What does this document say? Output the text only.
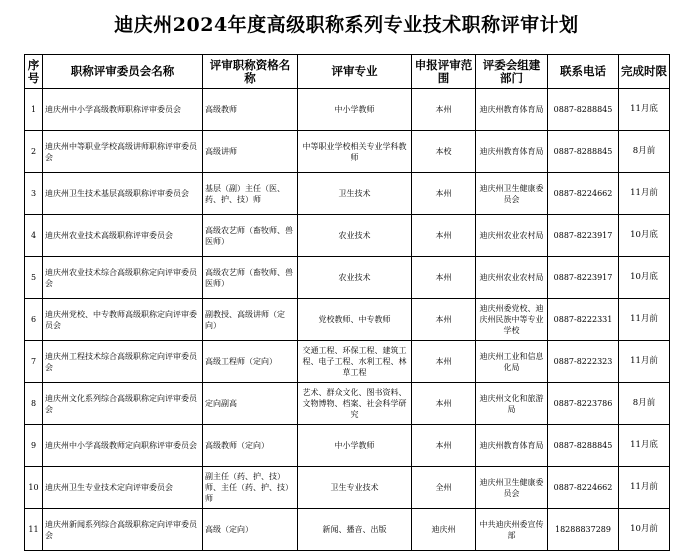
迪庆州2024年度高级职称系列专业技术职称评审计划
序号	职称评审委员会名称	评审职称资格名称	评审专业	申报评审范　围	评委会组建部门	联系电话	完成时限
1	迪庆州中小学高级教师职称评审委员会	高级教师	中小学教师	本州	迪庆州教育体育局	0887-8288845	11月底
2	迪庆州中等职业学校高级讲师职称评审委员会	高级讲师	中等职业学校相关专业学科教师	本校	迪庆州教育体育局	0887-8288845	8月前
3	迪庆州卫生技术基层高级职称评审委员会	基层（副）主任（医、药、护、技）师	卫生技术	本州	迪庆州卫生健康委员会	0887-8224662	11月前
4	迪庆州农业技术高级职称评审委员会	高级农艺师（畜牧师、兽医师）	农业技术	本州	迪庆州农业农村局	0887-8223917	10月底
5	迪庆州农业技术综合高级职称定向评审委员会	高级农艺师（畜牧师、兽医师）	农业技术	本州	迪庆州农业农村局	0887-8223917	10月底
6	迪庆州党校、中专教师高级职称定向评审委员会	副教授、高级讲师（定向）	党校教师、中专教师	本州	迪庆州委党校、迪庆州民族中等专业学校	0887-8222331	11月前
7	迪庆州工程技术综合高级职称定向评审委员会	高级工程师（定向）	交通工程、环保工程、建筑工程、电子工程、水利工程、林草工程	本州	迪庆州工业和信息化局	0887-8222323	11月前
8	迪庆州文化系列综合高级职称定向评审委员会	定向副高	艺术、群众文化、图书资料、文物博物、档案、社会科学研究	本州	迪庆州文化和旅游局	0887-8223786	8月前
9	迪庆州中小学高级教师定向职称评审委员会	高级教师（定向）	中小学教师	本州	迪庆州教育体育局	0887-8288845	11月底
10	迪庆州卫生专业技术定向评审委员会	副主任（药、护、技）师、主任（药、护、技）师	卫生专业技术	全州	迪庆州卫生健康委员会	0887-8224662	11月前
11	迪庆州新闻系列综合高级职称定向评审委员会	高级（定向）	新闻、播音、出版	迪庆州	中共迪庆州委宣传部	18288837289	10月前
